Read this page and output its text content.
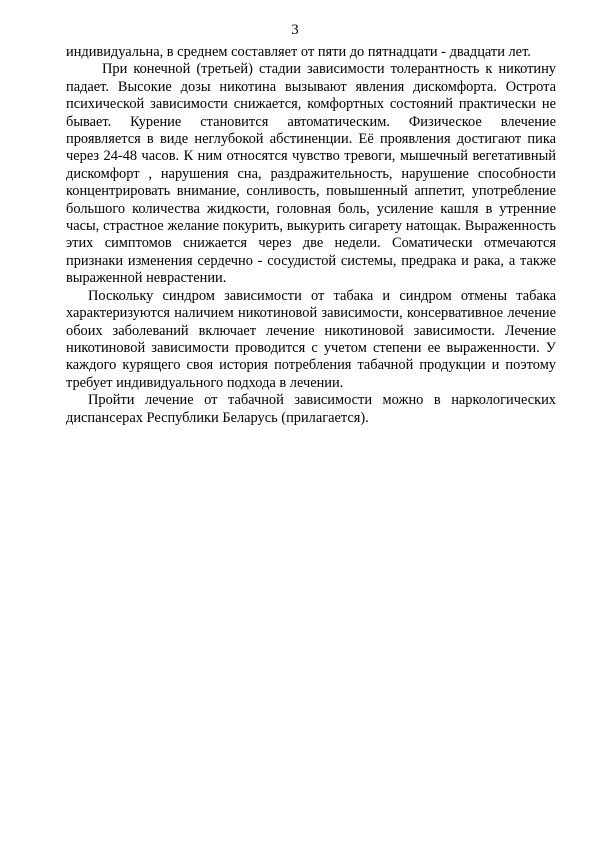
3

индивидуальна, в среднем составляет от пяти до пятнадцати - двадцати лет.

При конечной (третьей) стадии зависимости толерантность к никотину падает. Высокие дозы никотина вызывают явления дискомфорта. Острота психической зависимости снижается, комфортных состояний практически не бывает. Курение становится автоматическим. Физическое влечение проявляется в виде неглубокой абстиненции. Её проявления достигают пика через 24-48 часов. К ним относятся чувство тревоги, мышечный вегетативный дискомфорт , нарушения сна, раздражительность, нарушение способности концентрировать внимание, сонливость, повышенный аппетит, употребление большого количества жидкости, головная боль, усиление кашля в утренние часы, страстное желание покурить, выкурить сигарету натощак. Выраженность этих симптомов снижается через две недели. Соматически отмечаются признаки изменения сердечно - сосудистой системы, предрака и рака, а также выраженной неврастении.

Поскольку синдром зависимости от табака и синдром отмены табака характеризуются наличием никотиновой зависимости, консервативное лечение обоих заболеваний включает лечение никотиновой зависимости. Лечение никотиновой зависимости проводится с учетом степени ее выраженности. У каждого курящего своя история потребления табачной продукции и поэтому требует индивидуального подхода в лечении.

Пройти лечение от табачной зависимости можно в наркологических диспансерах Республики Беларусь (прилагается).
